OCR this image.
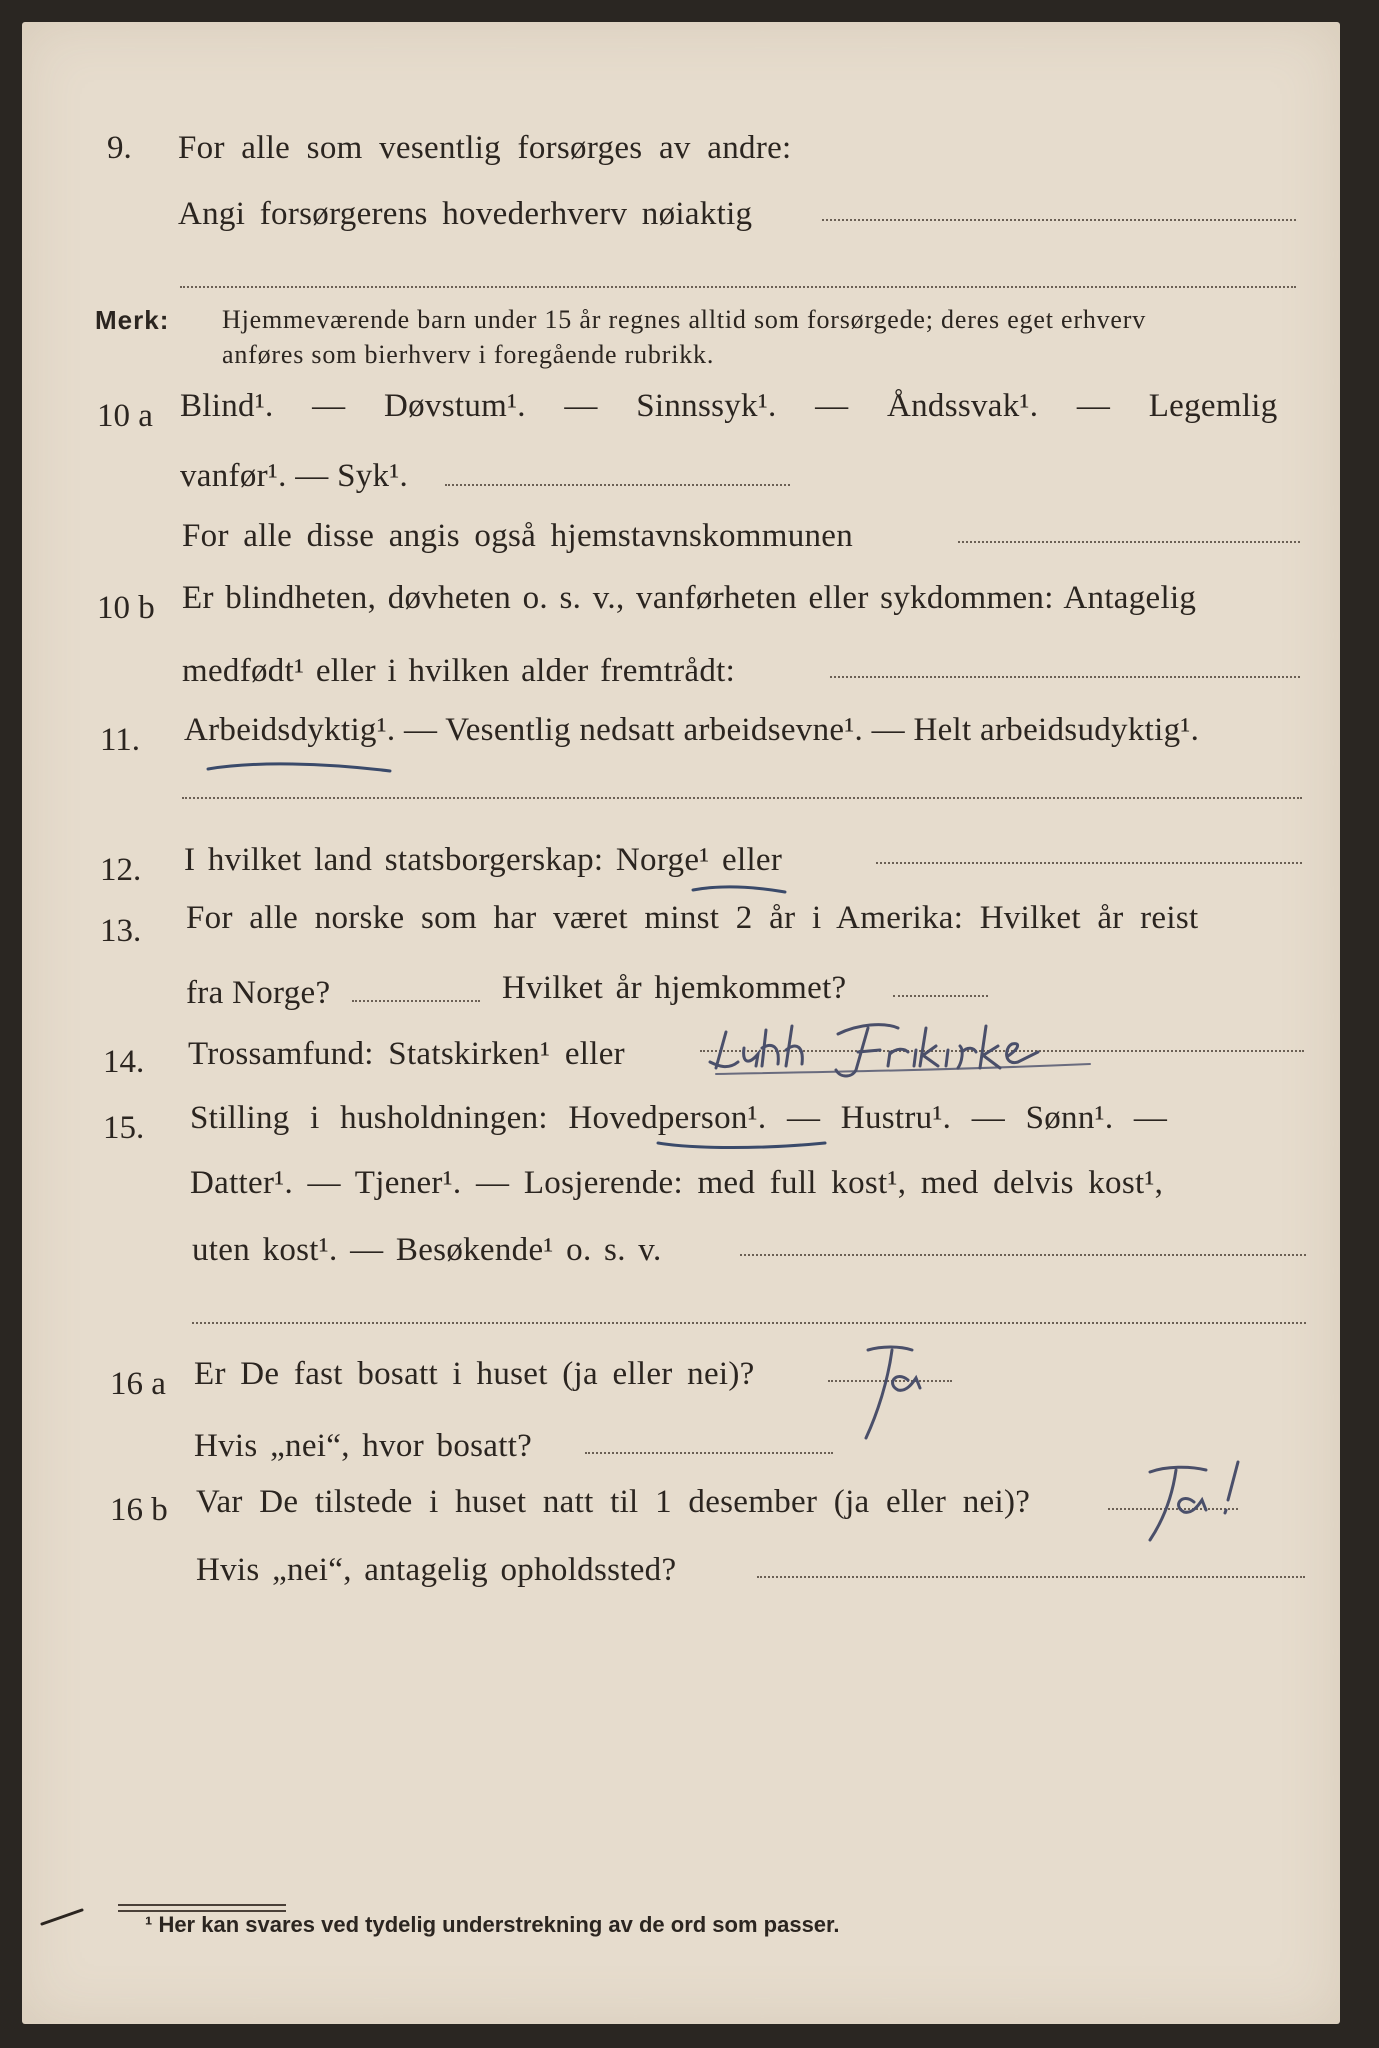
9. For alle som vesentlig forsørges av andre:
Angi forsørgerens hovederhverv nøiaktig
Merk: Hjemmeværende barn under 15 år regnes alltid som forsørgede; deres eget erhverv
anføres som bierhverv i foregående rubrikk.
10 a Blind¹. — Døvstum¹. — Sinnssyk¹. — Åndssvak¹. — Legemlig
vanfør¹. — Syk¹.
For alle disse angis også hjemstavnskommunen
10 b Er blindheten, døvheten o. s. v., vanførheten eller sykdommen: Antagelig
medfødt¹ eller i hvilken alder fremtrådt:
11. Arbeidsdyktig¹. — Vesentlig nedsatt arbeidsevne¹. — Helt arbeidsudyktig¹.
12. I hvilket land statsborgerskap: Norge¹ eller
13. For alle norske som har været minst 2 år i Amerika: Hvilket år reist
fra Norge?	Hvilket år hjemkommet?
14. Trossamfund: Statskirken¹ eller
15. Stilling i husholdningen: Hovedperson¹. — Hustru¹. — Sønn¹. —
Datter¹. — Tjener¹. — Losjerende: med full kost¹, med delvis kost¹,
uten kost¹. — Besøkende¹ o. s. v.
16 a Er De fast bosatt i huset (ja eller nei)?
Hvis „nei“, hvor bosatt?
16 b Var De tilstede i huset natt til 1 desember (ja eller nei)?
Hvis „nei“, antagelig opholdssted?
¹ Her kan svares ved tydelig understrekning av de ord som passer.
